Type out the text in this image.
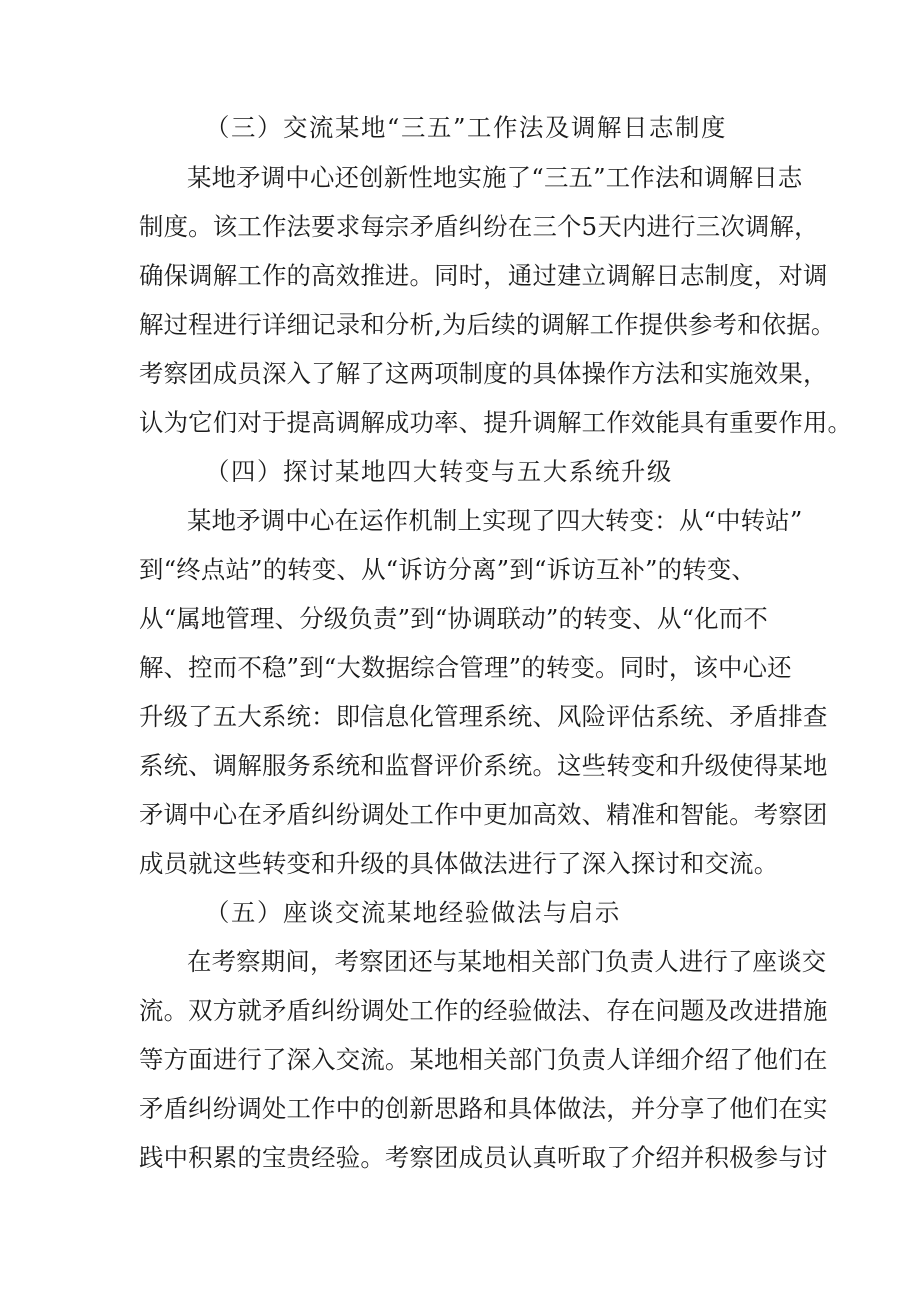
（三）交流某地“三五”工作法及调解日志制度

某地矛调中心还创新性地实施了“三五”工作法和调解日志

制度。该工作法要求每宗矛盾纠纷在三个5天内进行三次调解，

确保调解工作的高效推进。同时，通过建立调解日志制度，对调

解过程进行详细记录和分析,为后续的调解工作提供参考和依据。

考察团成员深入了解了这两项制度的具体操作方法和实施效果，

认为它们对于提高调解成功率、提升调解工作效能具有重要作用。

（四）探讨某地四大转变与五大系统升级

某地矛调中心在运作机制上实现了四大转变：从“中转站”

到“终点站”的转变、从“诉访分离”到“诉访互补”的转变、

从“属地管理、分级负责”到“协调联动”的转变、从“化而不

解、控而不稳”到“大数据综合管理”的转变。同时，该中心还

升级了五大系统：即信息化管理系统、风险评估系统、矛盾排查

系统、调解服务系统和监督评价系统。这些转变和升级使得某地

矛调中心在矛盾纠纷调处工作中更加高效、精准和智能。考察团

成员就这些转变和升级的具体做法进行了深入探讨和交流。

（五）座谈交流某地经验做法与启示

在考察期间，考察团还与某地相关部门负责人进行了座谈交

流。双方就矛盾纠纷调处工作的经验做法、存在问题及改进措施

等方面进行了深入交流。某地相关部门负责人详细介绍了他们在

矛盾纠纷调处工作中的创新思路和具体做法，并分享了他们在实

践中积累的宝贵经验。考察团成员认真听取了介绍并积极参与讨
